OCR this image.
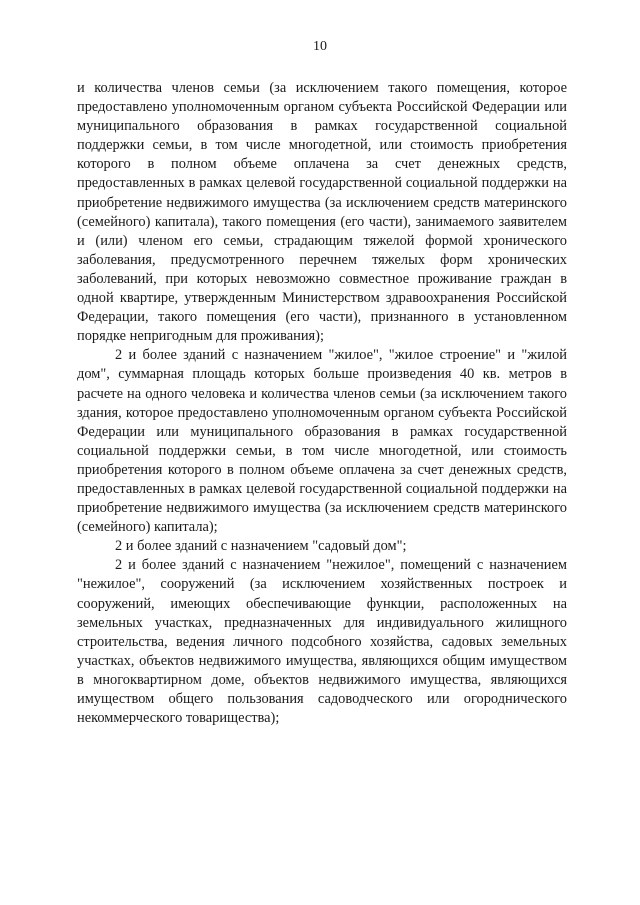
10

и количества членов семьи (за исключением такого помещения, которое предоставлено уполномоченным органом субъекта Российской Федерации или муниципального образования в рамках государственной социальной поддержки семьи, в том числе многодетной, или стоимость приобретения которого в полном объеме оплачена за счет денежных средств, предоставленных в рамках целевой государственной социальной поддержки на приобретение недвижимого имущества (за исключением средств материнского (семейного) капитала), такого помещения (его части), занимаемого заявителем и (или) членом его семьи, страдающим тяжелой формой хронического заболевания, предусмотренного перечнем тяжелых форм хронических заболеваний, при которых невозможно совместное проживание граждан в одной квартире, утвержденным Министерством здравоохранения Российской Федерации, такого помещения (его части), признанного в установленном порядке непригодным для проживания);

2 и более зданий с назначением "жилое", "жилое строение" и "жилой дом", суммарная площадь которых больше произведения 40 кв. метров в расчете на одного человека и количества членов семьи (за исключением такого здания, которое предоставлено уполномоченным органом субъекта Российской Федерации или муниципального образования в рамках государственной социальной поддержки семьи, в том числе многодетной, или стоимость приобретения которого в полном объеме оплачена за счет денежных средств, предоставленных в рамках целевой государственной социальной поддержки на приобретение недвижимого имущества (за исключением средств материнского (семейного) капитала);

2 и более зданий с назначением "садовый дом";

2 и более зданий с назначением "нежилое", помещений с назначением "нежилое", сооружений (за исключением хозяйственных построек и сооружений, имеющих обеспечивающие функции, расположенных на земельных участках, предназначенных для индивидуального жилищного строительства, ведения личного подсобного хозяйства, садовых земельных участках, объектов недвижимого имущества, являющихся общим имуществом в многоквартирном доме, объектов недвижимого имущества, являющихся имуществом общего пользования садоводческого или огороднического некоммерческого товарищества);
